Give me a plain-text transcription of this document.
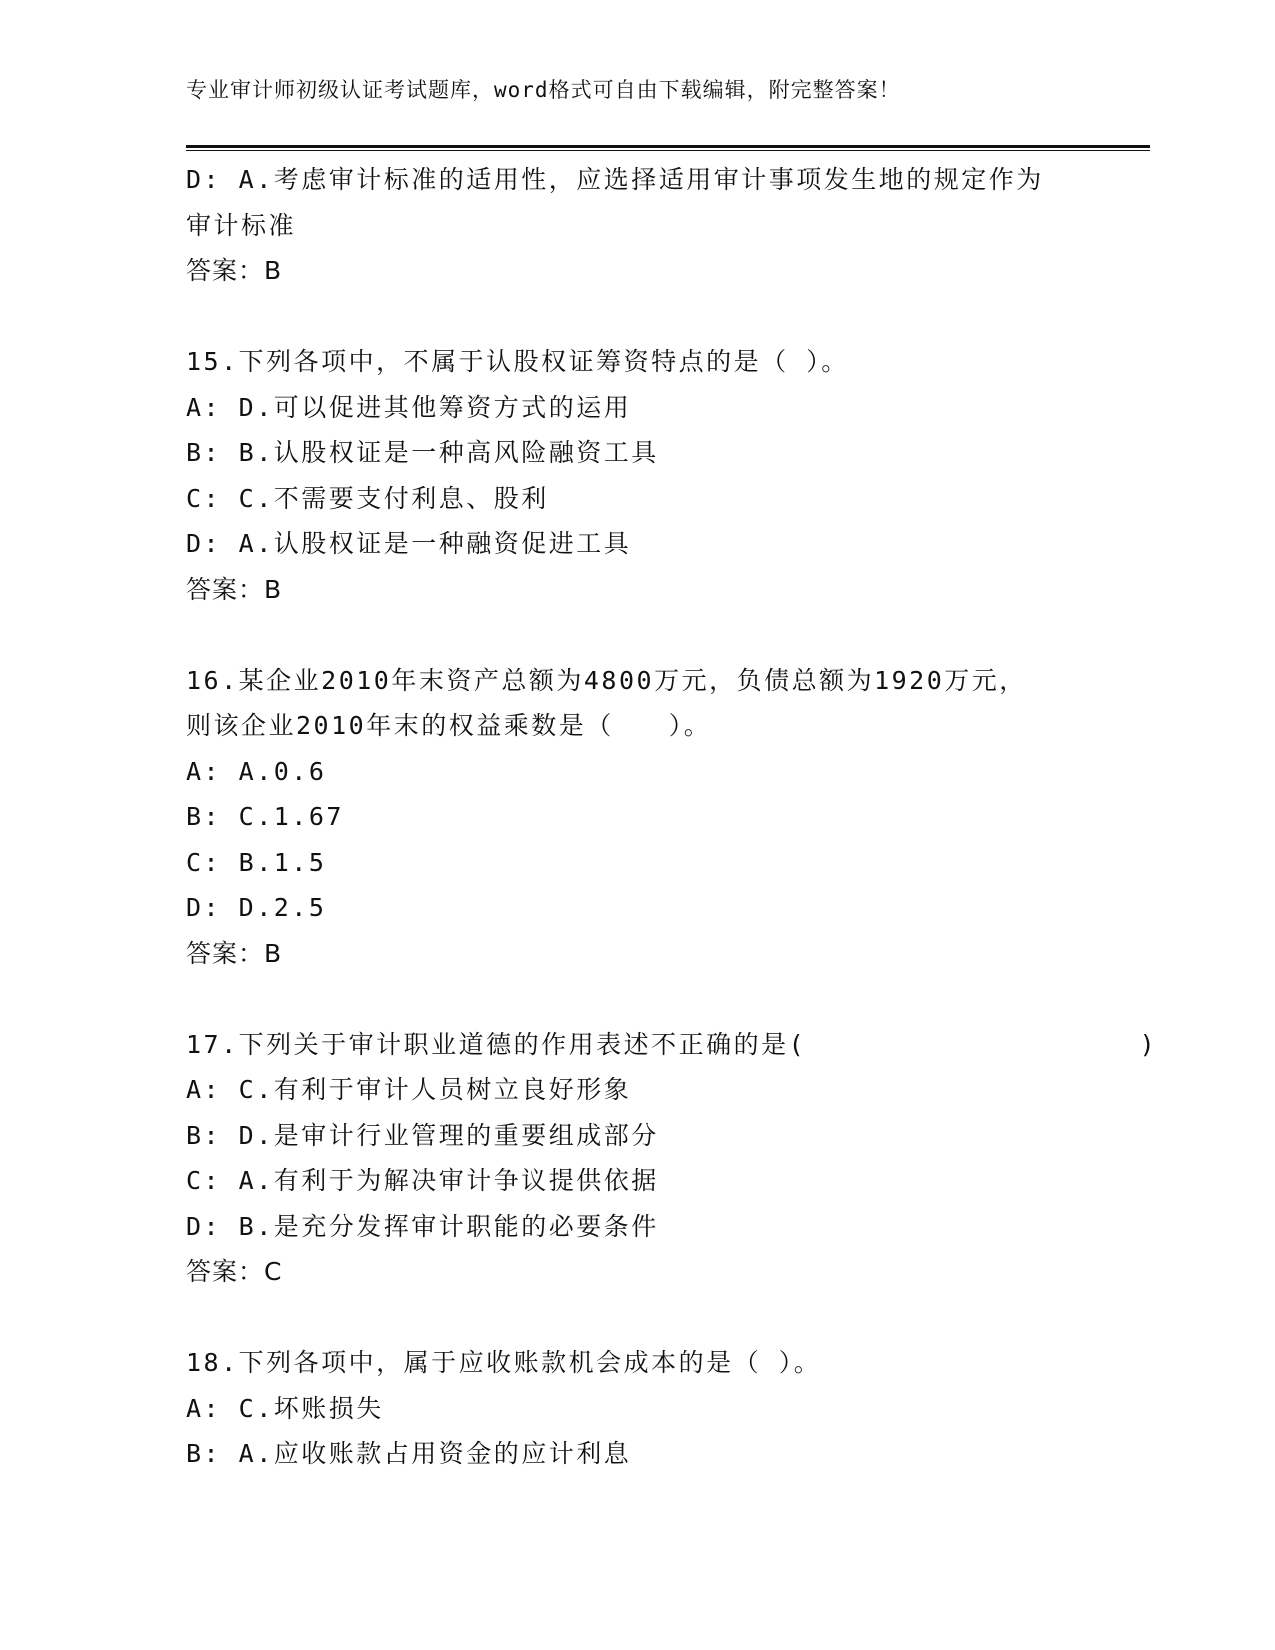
专业审计师初级认证考试题库，word格式可自由下载编辑，附完整答案！
D: A.考虑审计标准的适用性，应选择适用审计事项发生地的规定作为
审计标准
答案：B
15.下列各项中，不属于认股权证筹资特点的是（ ）。
A: D.可以促进其他筹资方式的运用
B: B.认股权证是一种高风险融资工具
C: C.不需要支付利息、股利
D: A.认股权证是一种融资促进工具
答案：B
16.某企业2010年末资产总额为4800万元，负债总额为1920万元，
则该企业2010年末的权益乘数是（　　）。
A: A.0.6
B: C.1.67
C: B.1.5
D: D.2.5
答案：B
17.下列关于审计职业道德的作用表述不正确的是(                   )
A: C.有利于审计人员树立良好形象
B: D.是审计行业管理的重要组成部分
C: A.有利于为解决审计争议提供依据
D: B.是充分发挥审计职能的必要条件
答案：C
18.下列各项中，属于应收账款机会成本的是（ ）。
A: C.坏账损失
B: A.应收账款占用资金的应计利息
